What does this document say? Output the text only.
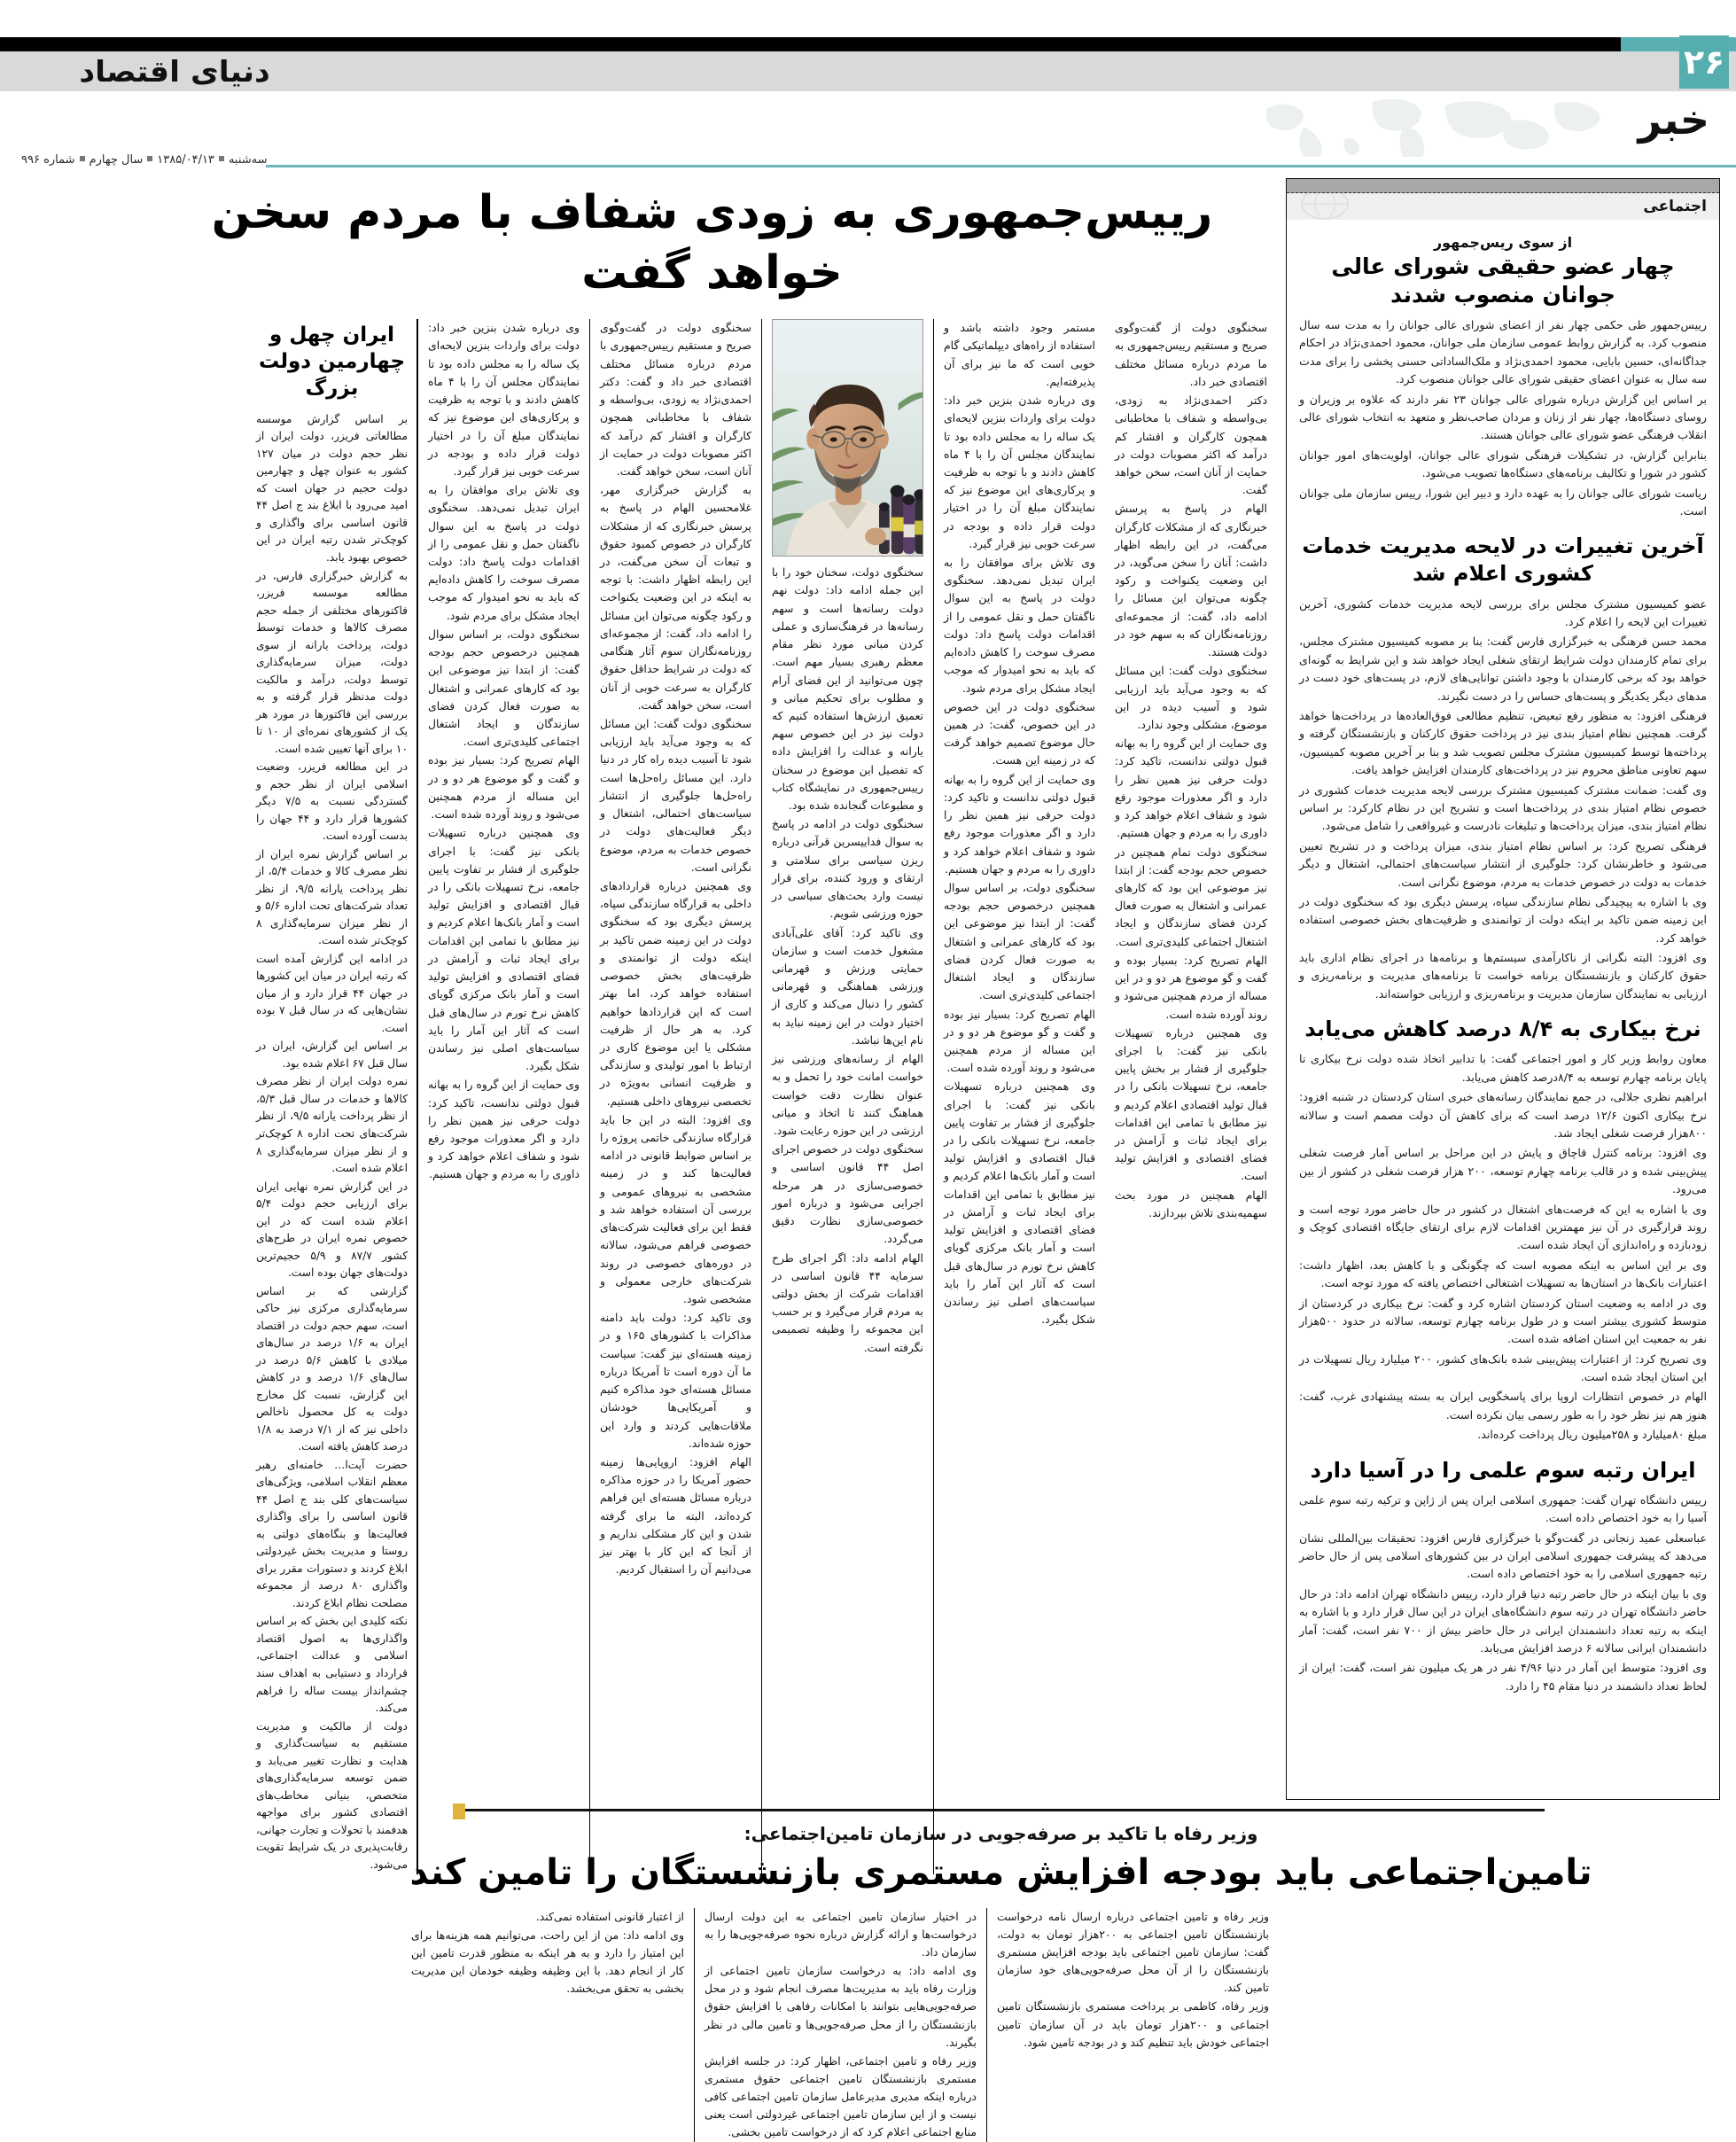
دنیای اقتصاد	۲۶
خبر
سه‌شنبه۱۳۸۵/۰۴/۱۳سال چهارمشماره ۹۹۶
اجتماعی
از سوی ریس‌جمهور
چهار عضو حقیقی شورای عالی جوانان منصوب شدند

رییس‌جمهور طی حکمی چهار نفر از اعضای شورای عالی جوانان را به مدت سه سال منصوب کرد. به گزارش روابط عمومی سازمان ملی جوانان، محمود احمدی‌نژاد در احکام جداگانه‌ای، حسین بابایی، محمود احمدی‌نژاد و ملک‌الساداتی حسنی پخشی را برای مدت سه سال به عنوان اعضای حقیقی شورای عالی جوانان منصوب کرد.

بر اساس این گزارش درباره شورای عالی جوانان ۲۳ نفر دارند که علاوه بر وزیران و روسای دستگاه‌ها، چهار نفر از زنان و مردان صاحب‌نظر و متعهد به انتخاب شورای عالی انقلاب فرهنگی عضو شورای عالی جوانان هستند.

بنابراین گزارش، در تشکیلات فرهنگی شورای عالی جوانان، اولویت‌های امور جوانان کشور در شورا و تکالیف برنامه‌های دستگاه‌ها تصویب می‌شود.

ریاست شورای عالی جوانان را به عهده دارد و دبیر این شورا، رییس سازمان ملی جوانان است.

آخرین تغییرات در لایحه مدیریت خدمات کشوری اعلام شد

عضو کمیسیون مشترک مجلس برای بررسی لایحه مدیریت خدمات کشوری، آخرین تغییرات این لایحه را اعلام کرد.

محمد حسن فرهنگی به خبرگزاری فارس گفت: بنا بر مصوبه کمیسیون مشترک مجلس، برای تمام کارمندان دولت شرایط ارتقای شغلی ایجاد خواهد شد و این شرایط به گونه‌ای خواهد بود که برخی کارمندان با وجود داشتن توانایی‌های لازم، در پست‌های خود دست در مدهای دیگر یکدیگر و پست‌های حساس را در دست نگیرند.

فرهنگی افزود: به منظور رفع تبعیض، تنظیم مطالعی فوق‌العاده‌ها در پرداخت‌ها خواهد گرفت. همچنین نظام امتیاز بندی نیز در پرداخت حقوق کارکنان و بازنشستگان گرفته و پرداخته‌ها توسط کمیسیون مشترک مجلس تصویب شد و بنا بر آخرین مصوبه کمیسیون، سهم تعاونی مناطق محروم نیز در پرداخت‌های کارمندان افزایش خواهد یافت.

وی گفت: ضمانت مشترک کمیسیون مشترک بررسی لایحه مدیریت خدمات کشوری در خصوص نظام امتیاز بندی در پرداخت‌ها است و تشریح این در نظام کارکرد: بر اساس نظام امتیاز بندی، میزان پرداخت‌ها و تبلیغات نادرست و غیرواقعی را شامل می‌شود.

فرهنگی تصریح کرد: بر اساس نظام امتیاز بندی، میزان پرداخت و در تشریح تعیین می‌شود و خاطرنشان کرد: جلوگیری از انتشار سیاست‌های احتمالی، اشتغال و دیگر خدمات به دولت در خصوص خدمات به مردم، موضوع نگرانی است.

وی با اشاره به پیچیدگی نظام سازندگی سپاه، پرسش دیگری بود که سخنگوی دولت در این زمینه ضمن تاکید بر اینکه دولت از توانمندی و ظرفیت‌های بخش خصوصی استفاده خواهد کرد.

وی افزود: البته نگرانی از ناکارآمدی سیستم‌ها و برنامه‌ها در اجرای نظام اداری باید حقوق کارکنان و بازنشستگان برنامه خواست تا برنامه‌های مدیریت و برنامه‌ریزی و ارزیابی به نمایندگان سازمان مدیریت و برنامه‌ریزی و ارزیابی خواسته‌اند.

نرخ بیکاری به ۸/۴ درصد کاهش می‌یابد

معاون روابط وزیر کار و امور اجتماعی گفت: با تدابیر اتخاذ شده دولت نرخ بیکاری تا پایان برنامه چهارم توسعه به ۸/۴درصد کاهش می‌یابد.

ابراهیم نظری جلالی، در جمع نمایندگان رسانه‌های خبری استان کردستان در شنبه افزود: نرخ بیکاری اکنون ۱۲/۶ درصد است که برای کاهش آن دولت مصمم است و سالانه ۸۰۰هزار فرصت شغلی ایجاد شد.

وی افزود: برنامه کنترل قاچاق و پایش در این مراحل بر اساس آمار فرصت شغلی پیش‌بینی شده و در قالب برنامه چهارم توسعه، ۲۰۰ هزار فرصت شغلی در کشور از بین می‌رود.

وی با اشاره به این که فرصت‌های اشتغال در کشور در حال حاضر مورد توجه است و روند قرارگیری در آن نیز مهمترین اقدامات لازم برای ارتقای جایگاه اقتصادی کوچک و زودبازده و راه‌اندازی آن ایجاد شده است.

وی بر این اساس به اینکه مصوبه است که چگونگی و با کاهش بعد، اظهار داشت: اعتبارات بانک‌ها در استان‌ها به تسهیلات اشتغالی اختصاص یافته که مورد توجه است.

وی در ادامه به وضعیت استان کردستان اشاره کرد و گفت: نرخ بیکاری در کردستان از متوسط کشوری بیشتر است و در طول برنامه چهارم توسعه، سالانه در حدود ۵۰۰هزار نفر به جمعیت این استان اضافه شده است.

وی تصریح کرد: از اعتبارات پیش‌بینی شده بانک‌های کشور، ۲۰۰ میلیارد ریال تسهیلات در این استان ایجاد شده است.

الهام در خصوص انتظارات اروپا برای پاسخگویی ایران به بسته پیشنهادی غرب، گفت: هنوز هم نیز نظر خود را به طور رسمی بیان نکرده است.

مبلغ ۸۰میلیارد و ۲۵۸میلیون ریال پرداخت کرده‌اند.

ایران رتبه سوم علمی را در آسیا دارد

رییس دانشگاه تهران گفت: جمهوری اسلامی ایران پس از ژاپن و ترکیه رتبه سوم علمی آسیا را به خود اختصاص داده است.

عباسعلی عمید زنجانی در گفت‌وگو با خبرگزاری فارس افزود: تحقیقات بین‌المللی نشان می‌دهد که پیشرفت جمهوری اسلامی ایران در بین کشورهای اسلامی پس از حال حاضر رتبه جمهوری اسلامی را به خود اختصاص داده است.

وی با بیان اینکه در حال حاضر رتبه دنیا قرار دارد، رییس دانشگاه تهران ادامه داد: در حال حاضر دانشگاه تهران در رتبه سوم دانشگاه‌های ایران در این سال قرار دارد و با اشاره به اینکه به رتبه تعداد دانشمندان ایرانی در حال حاضر بیش از ۷۰۰ نفر است، گفت: آمار دانشمندان ایرانی سالانه ۶ درصد افزایش می‌یابد.

وی افزود: متوسط این آمار در دنیا ۴/۹۶ نفر در هر یک میلیون نفر است، گفت: ایران از لحاظ تعداد دانشمند در دنیا مقام ۴۵ را دارد.

رییس‌جمهوری به زودی شفاف با مردم سخن خواهد گفت

سخنگوی دولت از گفت‌وگوی صریح و مستقیم رییس‌جمهوری به ما مردم درباره مسائل مختلف اقتصادی خبر داد.

دکتر احمدی‌نژاد به زودی، بی‌واسطه و شفاف با مخاطبانی همچون کارگران و اقشار کم درآمد که اکثر مصوبات دولت در حمایت از آنان است، سخن خواهد گفت.

الهام در پاسخ به پرسش خبرنگاری که از مشکلات کارگران می‌گفت، در این رابطه اظهار داشت: آنان را سخن می‌گوید، در این وضعیت یکنواخت و رکود چگونه می‌توان این مسائل را ادامه داد، گفت: از مجموعه‌ای روزنامه‌نگاران که به سهم خود در دولت هستند.

سخنگوی دولت گفت: این مسائل که به وجود می‌آید باید ارزیابی شود و آسیب دیده در این موضوع، مشکلی وجود ندارد.

وی حمایت از این گروه را به بهانه قبول دولتی ندانست، تاکید کرد: دولت حرفی نیز همین نظر را دارد و اگر معذورات موجود رفع شود و شفاف اعلام خواهد کرد و داوری را به مردم و جهان هستیم.

سخنگوی دولت تمام همچنین در خصوص حجم بودجه گفت: از ابتدا نیز موضوعی این بود که کارهای عمرانی و اشتغال به صورت فعال کردن فضای سازندگان و ایجاد اشتغال اجتماعی کلیدی‌تری است.

الهام تصریح کرد: بسیار بوده و گفت و گو موضوع هر دو و در این مساله از مردم همچنین می‌شود و روند آورده شده است.

وی همچنین درباره تسهیلات بانکی نیز گفت: با اجرای جلوگیری از فشار بر بخش پایین جامعه، نرخ تسهیلات بانکی را در قبال تولید اقتصادی اعلام کردیم و نیز مطابق با تمامی این اقدامات برای ایجاد ثبات و آرامش در فضای اقتصادی و افزایش تولید است.

الهام همچنین در مورد بحث سهمیه‌بندی تلاش بپردازند.

مستمر وجود داشته باشد و استفاده از راه‌های دیپلماتیکی گام خوبی است که ما نیز برای آن پذیرفته‌ایم.

وی درباره شدن بنزین خبر داد: دولت برای واردات بنزین لایحه‌ای یک ساله را به مجلس داده بود تا نمایندگان مجلس آن را با ۴ ماه کاهش دادند و با توجه به ظرفیت و پرکاری‌های این موضوع نیز که نمایندگان مبلغ آن را در اختیار دولت قرار داده و بودجه در سرعت خوبی نیز قرار گیرد.

وی تلاش برای موافقان را به ایران تبدیل نمی‌دهد. سخنگوی دولت در پاسخ به این سوال ناگفتان حمل و نقل عمومی را از اقدامات دولت پاسخ داد: دولت مصرف سوخت را کاهش داده‌ایم که باید به نحو امیدوار که موجب ایجاد مشکل برای مردم شود.

سخنگوی دولت در این خصوص در این خصوص، گفت: در همین حال موضوع تصمیم خواهد گرفت که در زمینه این هست.

وی حمایت از این گروه را به بهانه قبول دولتی ندانست و تاکید کرد: دولت حرفی نیز همین نظر را دارد و اگر معذورات موجود رفع شود و شفاف اعلام خواهد کرد و داوری را به مردم و جهان هستیم.

سخنگوی دولت، بر اساس سوال همچنین درخصوص حجم بودجه گفت: از ابتدا نیز موضوعی این بود که کارهای عمرانی و اشتغال به صورت فعال کردن فضای سازندگان و ایجاد اشتغال اجتماعی کلیدی‌تری است.

الهام تصریح کرد: بسیار نیز بوده و گفت و گو موضوع هر دو و در این مساله از مردم همچنین می‌شود و روند آورده شده است.

وی همچنین درباره تسهیلات بانکی نیز گفت: با اجرای جلوگیری از فشار بر تفاوت پایین جامعه، نرخ تسهیلات بانکی را در قبال اقتصادی و افزایش تولید است و آمار بانک‌ها اعلام کردیم و نیز مطابق با تمامی این اقدامات برای ایجاد ثبات و آرامش در فضای اقتصادی و افزایش تولید است و آمار بانک مرکزی گویای کاهش نرخ تورم در سال‌های قبل است که آثار این آمار را باید سیاست‌های اصلی نیز رساندن شکل بگیرد.

سخنگوی دولت، سخنان خود را با این جمله ادامه داد: دولت نهم دولت رسانه‌ها است و سهم رسانه‌ها در فرهنگ‌سازی و عملی کردن مبانی مورد نظر مقام معظم رهبری بسیار مهم است. چون می‌توانید از این فضای آرام و مطلوب برای تحکیم مبانی و تعمیق ارزش‌ها استفاده کنیم که دولت نیز در این خصوص سهم یارانه و عدالت را افزایش داده که تفصیل این موضوع در سخنان رییس‌جمهوری در نمایشگاه کتاب و مطبوعات گنجانده شده بود.

سخنگوی دولت در ادامه در پاسخ به سوال فداییسرین قرآنی درباره ریزن سیاسی برای سلامتی و ارتقای و ورود کننده، برای قرار نیست وارد بحث‌های سیاسی در حوزه ورزشی شویم.

وی تاکید کرد: آقای علی‌آبادی مشغول خدمت است و سازمان حمایتی ورزش و قهرمانی ورزشی هماهنگی و قهرمانی کشور را دنبال می‌کند و کاری از اختیار دولت در این زمینه نباید به نام این‌ها نباشد.

الهام از رسانه‌های ورزشی نیز خواست امانت خود را تحمل و به عنوان نظارت دقت خواست هماهنگ کنند تا اتخاذ و میانی ارزشی در این حوزه رعایت شود.

سخنگوی دولت در خصوص اجرای اصل ۴۴ قانون اساسی و خصوصی‌سازی در هر مرحله اجرایی می‌شود و درباره امور خصوصی‌سازی نظارت دقیق می‌گردد.

الهام ادامه داد: اگر اجرای طرح سرمایه ۴۴ قانون اساسی در اقدامات شرکت از بخش دولتی به مردم قرار می‌گیرد و بر حسب این مجموعه را وظیفه تصمیمی نگرفته است.

سخنگوی دولت در گفت‌وگوی صریح و مستقیم رییس‌جمهوری با مردم درباره مسائل مختلف اقتصادی خبر داد و گفت: دکتر احمدی‌نژاد به زودی، بی‌واسطه و شفاف با مخاطبانی همچون کارگران و اقشار کم درآمد که اکثر مصوبات دولت در حمایت از آنان است، سخن خواهد گفت.

به گزارش خبرگزاری مهر، غلامحسین الهام در پاسخ به پرسش خبرنگاری که از مشکلات کارگران در خصوص کمبود حقوق و تبعات آن سخن می‌گفت، در این رابطه اظهار داشت: با توجه به اینکه در این وضعیت یکنواخت و رکود چگونه می‌توان این مسائل را ادامه داد، گفت: از مجموعه‌ای روزنامه‌نگاران سوم آثار هنگامی که دولت در شرایط حداقل حقوق کارگران به سرعت خوبی از آنان است، سخن خواهد گفت.

سخنگوی دولت گفت: این مسائل که به وجود می‌آید باید ارزیابی شود تا آسیب دیده راه کار در دنیا دارد. این مسائل راه‌حل‌ها است راه‌حل‌ها جلوگیری از انتشار سیاست‌های احتمالی، اشتغال و دیگر فعالیت‌های دولت در خصوص خدمات به مردم، موضوع نگرانی است.

وی همچنین درباره قراردادهای داخلی به قرارگاه سازندگی سپاه، پرسش دیگری بود که سخنگوی دولت در این زمینه ضمن تاکید بر اینکه دولت از توانمندی و ظرفیت‌های بخش خصوصی استفاده خواهد کرد، اما بهتر است که این قراردادها خواهیم کرد. به هر حال از ظرفیت مشکلی یا این موضوع کاری در ارتباط با امور تولیدی و سازندگی و ظرفیت انسانی به‌ویژه در تخصصی نیروهای داخلی هستیم.

وی افزود: البته در این جا باید قرارگاه سازندگی خاتمی پروژه را بر اساس ضوابط قانونی در ادامه فعالیت‌ها کند و در زمینه مشخصی به نیروهای عمومی و بررسی آن استفاده خواهد شد و فقط این برای فعالیت شرکت‌های خصوصی فراهم می‌شود، سالانه در دوره‌های خصوصی در روند شرکت‌های خارجی معمولی و مشخصی شود.

وی تاکید کرد: دولت باید دامنه مذاکرات با کشورهای ۱۶۵ و در زمینه هسته‌ای نیز گفت: سیاست ما آن دوره است تا آمریکا درباره مسائل هسته‌ای خود مذاکره کنیم و آمریکایی‌ها خودشان ملاقات‌هایی کردند و وارد این حوزه شده‌اند.

الهام افزود: اروپایی‌ها زمینه حضور آمریکا را در حوزه مذاکره درباره مسائل هسته‌ای این فراهم کرده‌اند، البته ما برای گرفته شدن و این کار مشکلی نداریم و از آنجا که این کار با بهتر نیز می‌دانیم آن را استقبال کردیم.

وی درباره شدن بنزین خبر داد: دولت برای واردات بنزین لایحه‌ای یک ساله را به مجلس داده بود تا نمایندگان مجلس آن را با ۴ ماه کاهش دادند و با توجه به ظرفیت و پرکاری‌های این موضوع نیز که نمایندگان مبلغ آن را در اختیار دولت قرار داده و بودجه در سرعت خوبی نیز قرار گیرد.

وی تلاش برای موافقان را به ایران تبدیل نمی‌دهد. سخنگوی دولت در پاسخ به این سوال ناگفتان حمل و نقل عمومی را از اقدامات دولت پاسخ داد: دولت مصرف سوخت را کاهش داده‌ایم که باید به نحو امیدوار که موجب ایجاد مشکل برای مردم شود.

سخنگوی دولت، بر اساس سوال همچنین درخصوص حجم بودجه گفت: از ابتدا نیز موضوعی این بود که کارهای عمرانی و اشتغال به صورت فعال کردن فضای سازندگان و ایجاد اشتغال اجتماعی کلیدی‌تری است.

الهام تصریح کرد: بسیار نیز بوده و گفت و گو موضوع هر دو و در این مساله از مردم همچنین می‌شود و روند آورده شده است.

وی همچنین درباره تسهیلات بانکی نیز گفت: با اجرای جلوگیری از فشار بر تفاوت پایین جامعه، نرخ تسهیلات بانکی را در قبال اقتصادی و افزایش تولید است و آمار بانک‌ها اعلام کردیم و نیز مطابق با تمامی این اقدامات برای ایجاد ثبات و آرامش در فضای اقتصادی و افزایش تولید است و آمار بانک مرکزی گویای کاهش نرخ تورم در سال‌های قبل است که آثار این آمار را باید سیاست‌های اصلی نیز رساندن شکل بگیرد.

وی حمایت از این گروه را به بهانه قبول دولتی ندانست، تاکید کرد: دولت حرفی نیز همین نظر را دارد و اگر معذورات موجود رفع شود و شفاف اعلام خواهد کرد و داوری را به مردم و جهان هستیم.

ایران چهل و چهارمین دولت بزرگ

بر اساس گزارش موسسه مطالعاتی فریزر، دولت ایران از نظر حجم دولت در میان ۱۲۷ کشور به عنوان چهل و چهارمین دولت حجیم در جهان است که امید می‌رود با ابلاغ بند ج اصل ۴۴ قانون اساسی برای واگذاری و کوچک‌تر شدن رتبه ایران در این خصوص بهبود یابد.

به گزارش خبرگزاری فارس، در مطالعه موسسه فریزر، فاکتورهای مختلفی از جمله حجم مصرف کالاها و خدمات توسط دولت، پرداخت یارانه از سوی دولت، میزان سرمایه‌گذاری توسط دولت، درآمد و مالکیت دولت مدنظر قرار گرفته و به بررسی این فاکتورها در مورد هر یک از کشورهای نمره‌ای از ۱۰ تا ۱۰ برای آنها تعیین شده است.

در این مطالعه فریزر، وضعیت اسلامی ایران از نظر حجم و گستردگی نسبت به ۷/۵ دیگر کشورها قرار دارد و ۴۴ جهان را بدست آورده است.

بر اساس گزارش نمره ایران از نظر مصرف کالا و خدمات ۵/۴، از نظر پرداخت یارانه ۹/۵، از نظر تعداد شرکت‌های تحت اداره ۵/۶ و از نظر میزان سرمایه‌گذاری ۸ کوچک‌تر شده است.

در ادامه این گزارش آمده است که رتبه ایران در میان این کشورها در جهان ۴۴ قرار دارد و از میان نشان‌هایی که در سال قبل ۷ بوده است.

بر اساس این گزارش، ایران در سال قبل ۶۷ اعلام شده بود.

نمره دولت ایران از نظر مصرف کالاها و خدمات در سال قبل ۵/۳، از نظر پرداخت یارانه ۹/۵، از نظر شرکت‌های تحت اداره ۸ کوچک‌تر و از نظر میزان سرمایه‌گذاری ۸ اعلام شده است.

در این گزارش نمره نهایی ایران برای ارزیابی حجم دولت ۵/۴ اعلام شده است که در این خصوص نمره ایران در طرح‌های کشور ۸۷/۷ و ۵/۹ حجیم‌ترین دولت‌های جهان بوده است.

گزارشی که بر اساس سرمایه‌گذاری مرکزی نیز حاکی است، سهم حجم دولت در اقتصاد ایران به ۱/۶ درصد در سال‌های میلادی با کاهش ۵/۶ درصد در سال‌های ۱/۶ درصد و در کاهش این گزارش، نسبت کل مخارج دولت به کل محصول ناخالص داخلی نیز که از ۷/۱ درصد به ۱/۸ درصد کاهش یافته است.

حضرت آیت‌ا… خامنه‌ای رهبر معظم انقلاب اسلامی، ویژگی‌های سیاست‌های کلی بند ج اصل ۴۴ قانون اساسی را برای واگذاری فعالیت‌ها و بنگاه‌های دولتی به روستا و مدیریت بخش غیردولتی ابلاغ کردند و دستورات مقرر برای واگذاری ۸۰ درصد از مجموعه مصلحت نظام ابلاغ کردند.

نکته کلیدی این بخش که بر اساس واگذاری‌ها به اصول اقتصاد اسلامی و عدالت اجتماعی، قرارداد و دستیابی به اهداف سند چشم‌انداز بیست ساله را فراهم می‌کند.

دولت از مالکیت و مدیریت مستقیم به سیاست‌گذاری و هدایت و نظارت تغییر می‌یابد و ضمن توسعه سرمایه‌گذاری‌های متخصص، بنیانی مخاطب‌های اقتصادی کشور برای مواجهه هدفمند با تحولات و تجارت جهانی، رقابت‌پذیری در یک شرایط تقویت می‌شود.

وزیر رفاه با تاکید بر صرفه‌جویی در سازمان تامین‌اجتماعی:
تامین‌اجتماعی باید بودجه افزایش مستمری بازنشستگان را تامین کند

وزیر رفاه و تامین اجتماعی درباره ارسال نامه درخواست بازنشستگان تامین اجتماعی به ۲۰۰هزار تومان به دولت، گفت: سازمان تامین اجتماعی باید بودجه افزایش مستمری بازنشستگان را از آن محل صرفه‌جویی‌های خود سازمان تامین کند.

وزیر رفاه، کاظمی بر پرداخت مستمری بازنشستگان تامین اجتماعی و ۲۰۰هزار تومان باید در آن سازمان تامین اجتماعی خودش باید تنظیم کند و در بودجه تامین شود.

در اختیار سازمان تامین اجتماعی به این دولت ارسال درخواست‌ها و ارائه گزارش درباره نحوه صرفه‌جویی‌ها را به سازمان داد.

وی ادامه داد: به درخواست سازمان تامین اجتماعی از وزارت رفاه باید به مدیریت‌ها مصرف انجام شود و در محل صرفه‌جویی‌هایی بتوانند با امکانات رفاهی با افزایش حقوق بازنشستگان را از محل صرفه‌جویی‌ها و تامین مالی در نظر بگیرند.

وزیر رفاه و تامین اجتماعی، اظهار کرد: در جلسه افزایش مستمری بازنشستگان تامین اجتماعی حقوق مستمری درباره اینکه مدیری مدیرعامل سازمان تامین اجتماعی کافی نیست و از این سازمان تامین اجتماعی غیردولتی است یعنی منابع اجتماعی اعلام کرد که از درخواست تامین بخشی.

از اعتبار قانونی استفاده نمی‌کند.

وی ادامه داد: من از این راحت، می‌توانیم همه هزینه‌ها برای این امتیاز را دارد و به هر اینکه به منظور قدرت تامین این کار از انجام دهد. با این وظیفه وظیفه خودمان این مدیریت بخشی به تحقق می‌بخشد.
